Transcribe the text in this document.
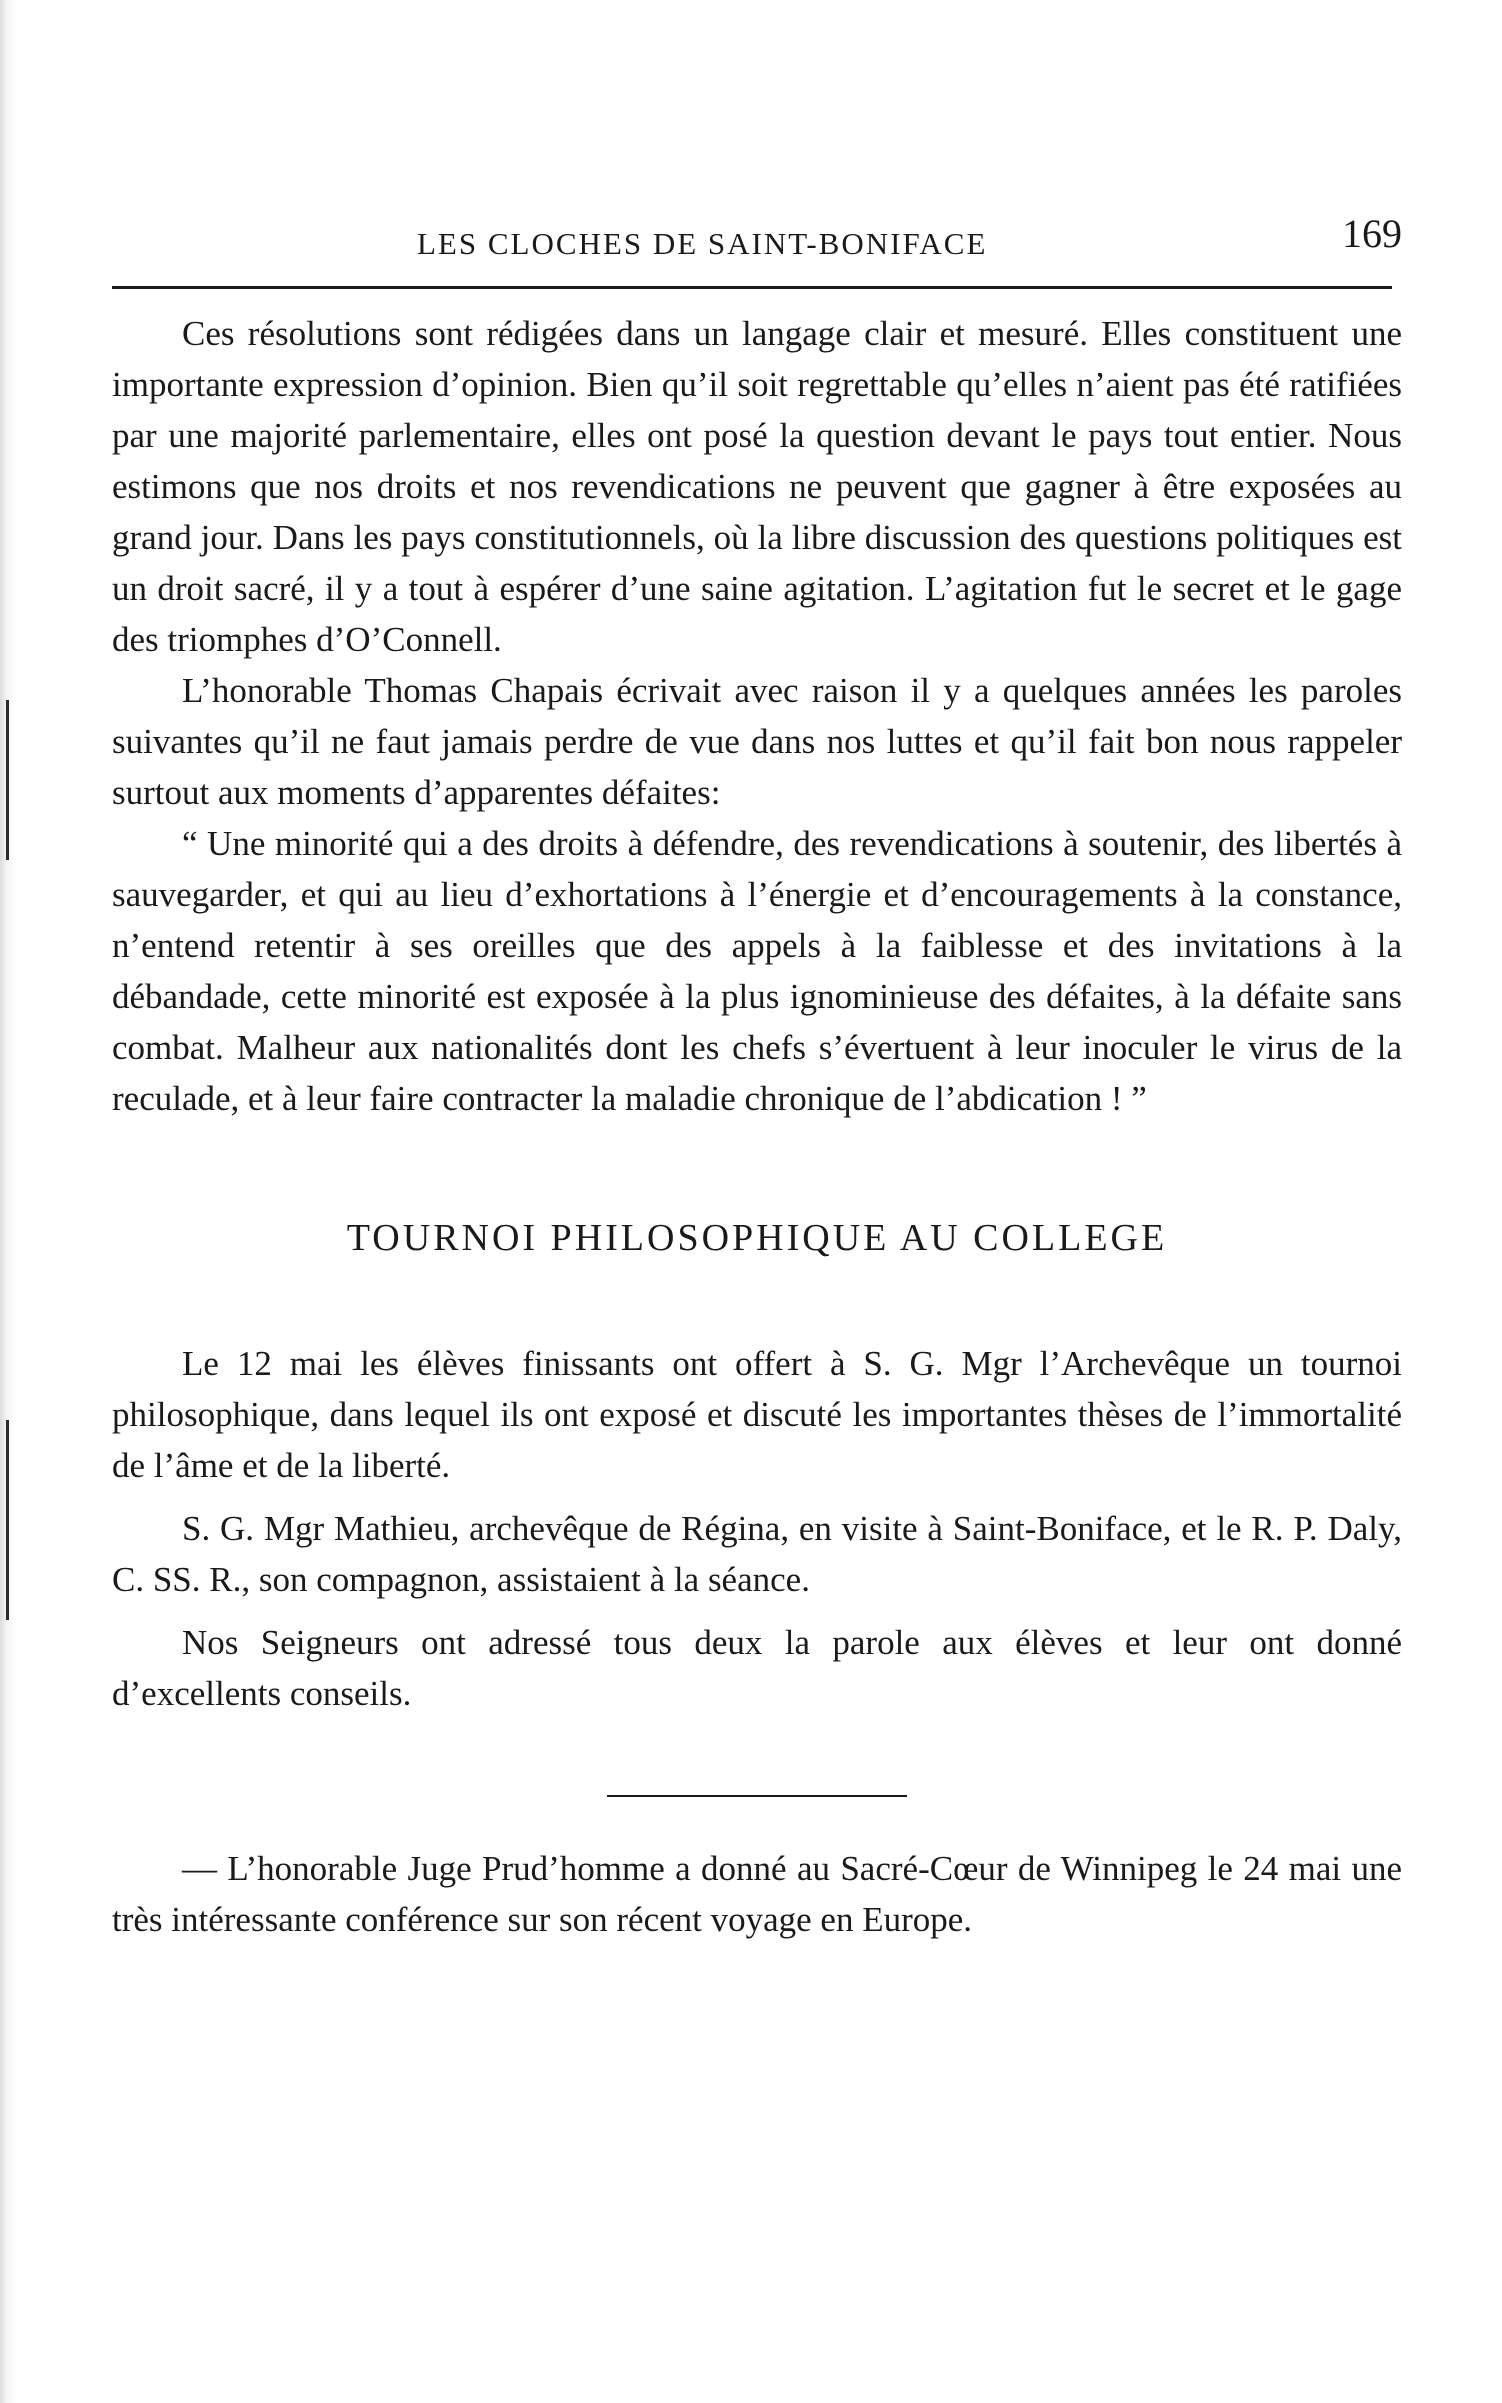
LES CLOCHES DE SAINT-BONIFACE	169

Ces résolutions sont rédigées dans un langage clair et mesuré. Elles constituent une importante expression d’opinion. Bien qu’il soit regrettable qu’elles n’aient pas été ratifiées par une majorité parlementaire, elles ont posé la question devant le pays tout entier. Nous estimons que nos droits et nos revendications ne peuvent que gagner à être exposées au grand jour. Dans les pays constitutionnels, où la libre discussion des questions politiques est un droit sacré, il y a tout à espérer d’une saine agitation. L’agitation fut le secret et le gage des triomphes d’O’Connell.

L’honorable Thomas Chapais écrivait avec raison il y a quelques années les paroles suivantes qu’il ne faut jamais perdre de vue dans nos luttes et qu’il fait bon nous rappeler surtout aux moments d’apparentes défaites:

“ Une minorité qui a des droits à défendre, des revendications à soutenir, des libertés à sauvegarder, et qui au lieu d’exhortations à l’énergie et d’encouragements à la constance, n’entend retentir à ses oreilles que des appels à la faiblesse et des invitations à la débandade, cette minorité est exposée à la plus ignominieuse des défaites, à la défaite sans combat. Malheur aux nationalités dont les chefs s’évertuent à leur inoculer le virus de la reculade, et à leur faire contracter la maladie chronique de l’abdication ! ”

TOURNOI PHILOSOPHIQUE AU COLLEGE

Le 12 mai les élèves finissants ont offert à S. G. Mgr l’Archevêque un tournoi philosophique, dans lequel ils ont exposé et discuté les importantes thèses de l’immortalité de l’âme et de la liberté.

S. G. Mgr Mathieu, archevêque de Régina, en visite à Saint-Boniface, et le R. P. Daly, C. SS. R., son compagnon, assistaient à la séance.

Nos Seigneurs ont adressé tous deux la parole aux élèves et leur ont donné d’excellents conseils.

— L’honorable Juge Prud’homme a donné au Sacré-Cœur de Winnipeg le 24 mai une très intéressante conférence sur son récent voyage en Europe.
